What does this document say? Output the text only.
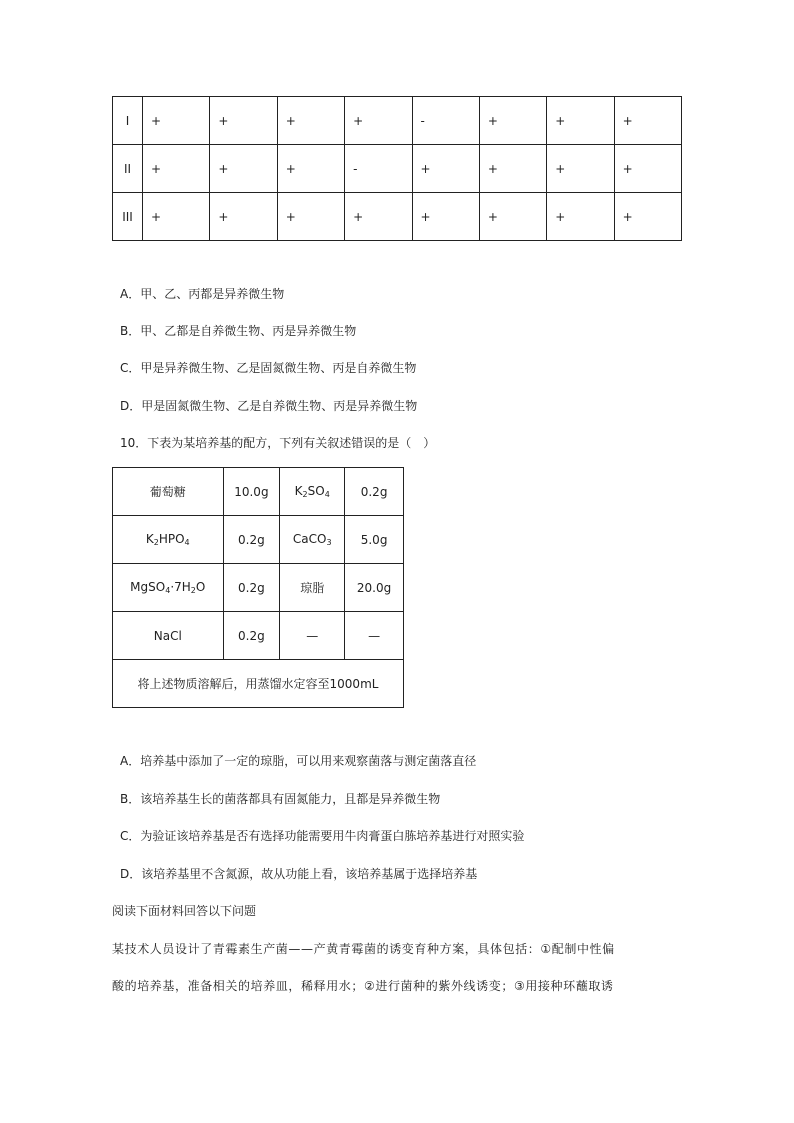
I	+	+	+	+	-	+	+	+
II	+	+	+	-	+	+	+	+
III	+	+	+	+	+	+	+	+
A．甲、乙、丙都是异养微生物
B．甲、乙都是自养微生物、丙是异养微生物
C．甲是异养微生物、乙是固氮微生物、丙是自养微生物
D．甲是固氮微生物、乙是自养微生物、丙是异养微生物
10．下表为某培养基的配方，下列有关叙述错误的是（　）
葡萄糖	10.0g	$K_2SO_4$	0.2g
$K_2HPO_4$	0.2g	CaCO$_3$	5.0g
$MgSO_4\cdot 7H_2O$	0.2g	琼脂	20.0g
NaCl	0.2g	—	—
将上述物质溶解后，用蒸馏水定容至1000mL			
A．培养基中添加了一定的琼脂，可以用来观察菌落与测定菌落直径
B．该培养基生长的菌落都具有固氮能力，且都是异养微生物
C．为验证该培养基是否有选择功能需要用牛肉膏蛋白胨培养基进行对照实验
D．该培养基里不含氮源，故从功能上看，该培养基属于选择培养基
阅读下面材料回答以下问题
某技术人员设计了青霉素生产菌——产黄青霉菌的诱变育种方案，具体包括：①配制中性偏
酸的培养基，准备相关的培养皿，稀释用水；②进行菌种的紫外线诱变；③用接种环蘸取诱
